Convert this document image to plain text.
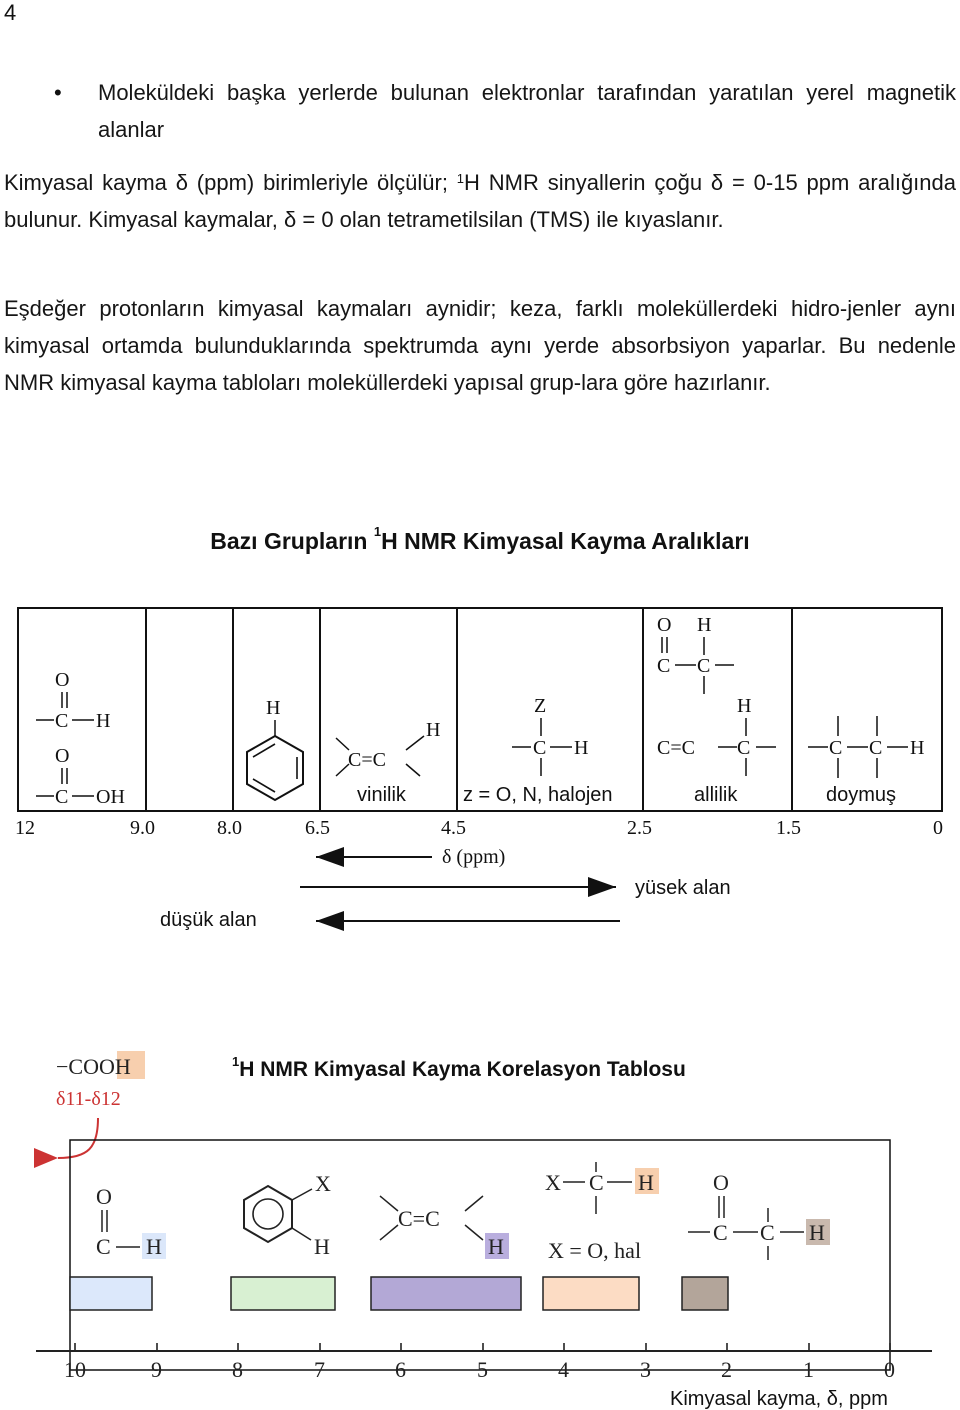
4
• Moleküldeki başka yerlerde bulunan elektronlar tarafından yaratılan yerel magnetik alanlar
Kimyasal kayma δ (ppm) birimleriyle ölçülür; $^1$H NMR sinyallerin çoğu δ = 0-15 ppm aralığında bulunur. Kimyasal kaymalar, δ = 0 olan tetrametilsilan (TMS) ile kıyaslanır.
Eşdeğer protonların kimyasal kaymaları aynidir; keza, farklı moleküllerdeki hidro-jenler aynı kimyasal ortamda bulunduklarında spektrumda aynı yerde absorbsiyon yaparlar. Bu nedenle NMR kimyasal kayma tabloları moleküllerdeki yapısal grup-lara göre hazırlanır.
Bazı Grupların $^1$H NMR Kimyasal Kayma Aralıkları
$^1$H NMR Kimyasal Kayma Korelasyon Tablosu
O
C H
O
C OH
H
C=C
H
Z
C H
O H
C C
H
C=C C	C C H
vinilik	z = O, N, halojen	allilik	doymuş
12	9.0	8.0	6.5	4.5	2.5	1.5	0
δ (ppm)
yüsek alan
düşük alan
−COOH
δ11-δ12
O
C H
X
H
C=C
H
X C H
X = O, hal
O
C C H
10	9	8	7	6	5	4	3	2	1	0
Kimyasal kayma, δ, ppm
